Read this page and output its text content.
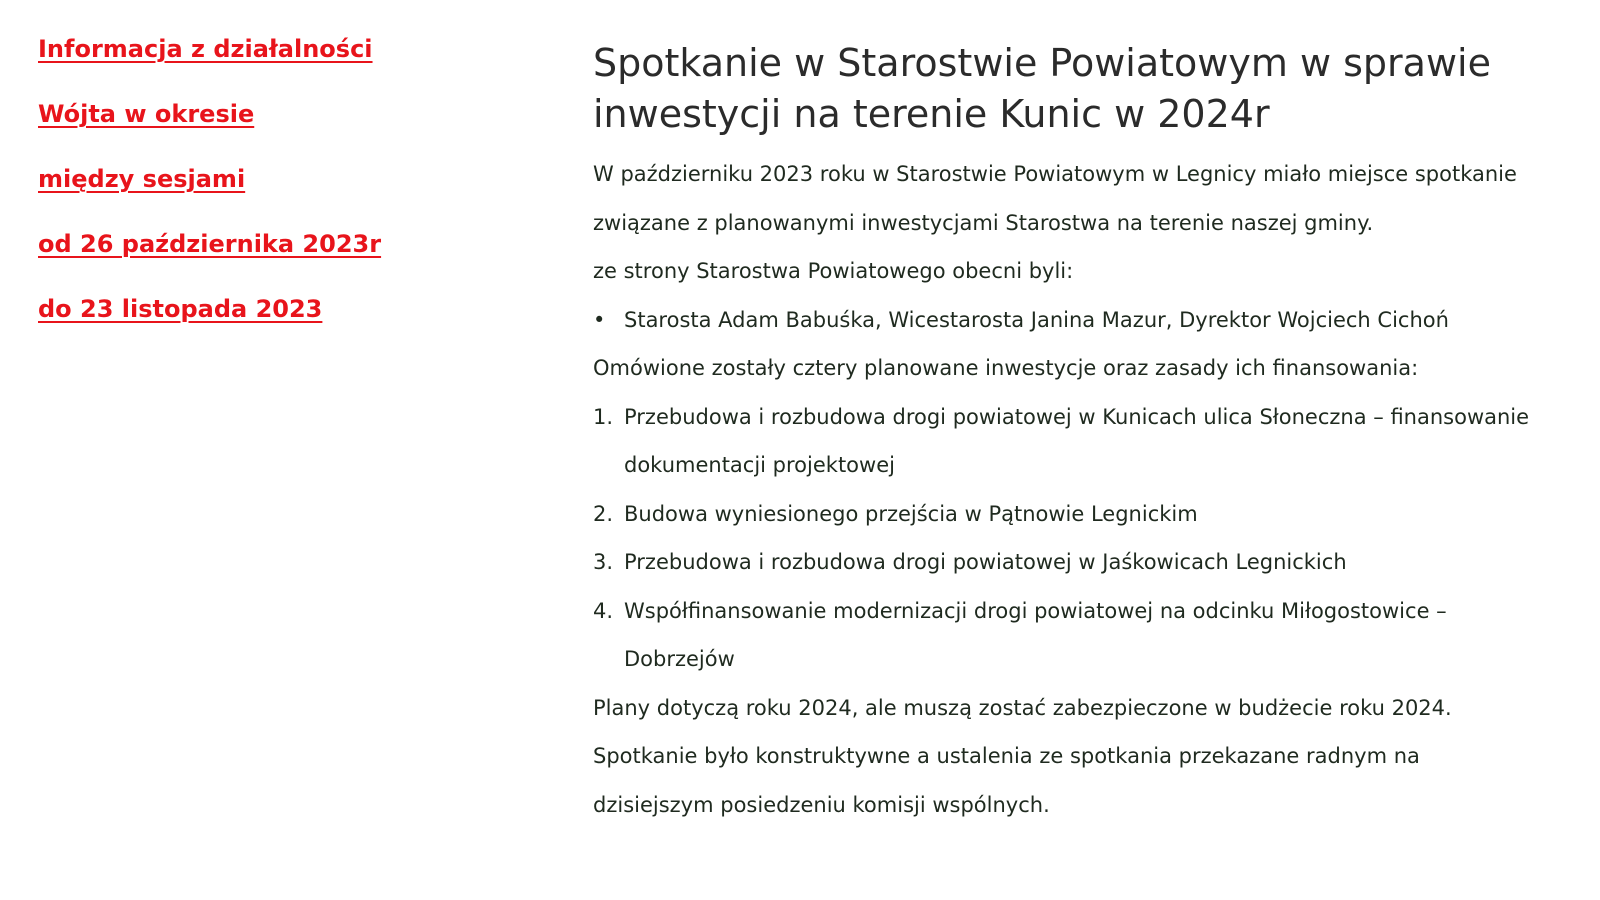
Informacja z działalności
Wójta w okresie
między sesjami
od 26 października 2023r
do 23 listopada 2023
Spotkanie w Starostwie Powiatowym w sprawie inwestycji na terenie Kunic w 2024r

W październiku 2023 roku w Starostwie Powiatowym w Legnicy miało miejsce spotkanie związane z planowanymi inwestycjami Starostwa na terenie naszej gminy.

ze strony Starostwa Powiatowego obecni byli:

• Starosta Adam Babuśka, Wicestarosta Janina Mazur, Dyrektor Wojciech Cichoń

Omówione zostały cztery planowane inwestycje oraz zasady ich finansowania:

1. Przebudowa i rozbudowa drogi powiatowej w Kunicach ulica Słoneczna – finansowanie dokumentacji projektowej
2. Budowa wyniesionego przejścia w Pątnowie Legnickim
3. Przebudowa i rozbudowa drogi powiatowej w Jaśkowicach Legnickich
4. Współfinansowanie modernizacji drogi powiatowej na odcinku Miłogostowice – Dobrzejów

Plany dotyczą roku 2024, ale muszą zostać zabezpieczone w budżecie roku 2024.

Spotkanie było konstruktywne a ustalenia ze spotkania przekazane radnym na dzisiejszym posiedzeniu komisji wspólnych.
